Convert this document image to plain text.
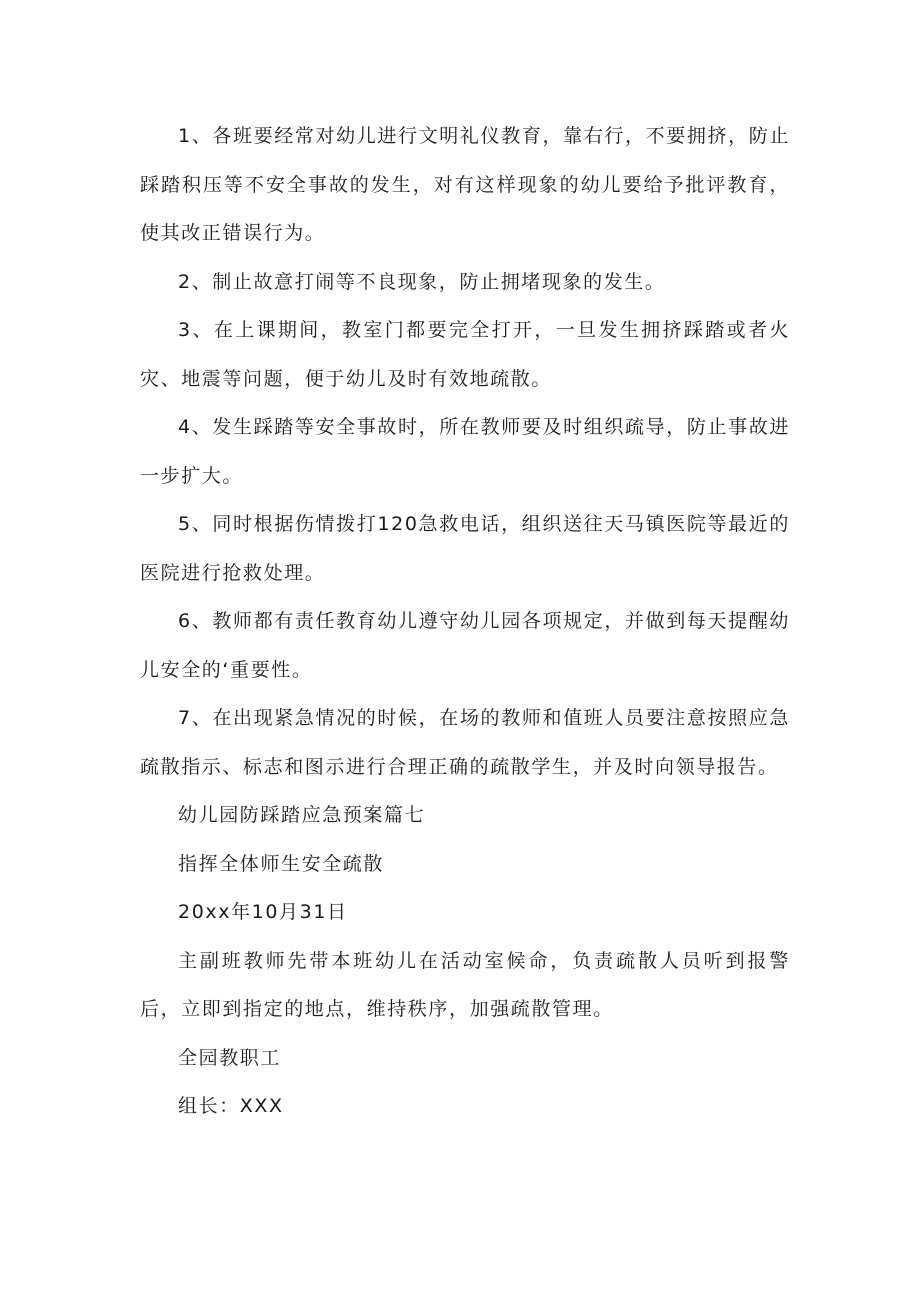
1、各班要经常对幼儿进行文明礼仪教育，靠右行，不要拥挤，防止踩踏积压等不安全事故的发生，对有这样现象的幼儿要给予批评教育，使其改正错误行为。

2、制止故意打闹等不良现象，防止拥堵现象的发生。

3、在上课期间，教室门都要完全打开，一旦发生拥挤踩踏或者火灾、地震等问题，便于幼儿及时有效地疏散。

4、发生踩踏等安全事故时，所在教师要及时组织疏导，防止事故进一步扩大。

5、同时根据伤情拨打120急救电话，组织送往天马镇医院等最近的医院进行抢救处理。

6、教师都有责任教育幼儿遵守幼儿园各项规定，并做到每天提醒幼儿安全的‘重要性。

7、在出现紧急情况的时候，在场的教师和值班人员要注意按照应急疏散指示、标志和图示进行合理正确的疏散学生，并及时向领导报告。

幼儿园防踩踏应急预案篇七

指挥全体师生安全疏散

20xx年10月31日

主副班教师先带本班幼儿在活动室候命，负责疏散人员听到报警后，立即到指定的地点，维持秩序，加强疏散管理。

全园教职工

组长：XXX
